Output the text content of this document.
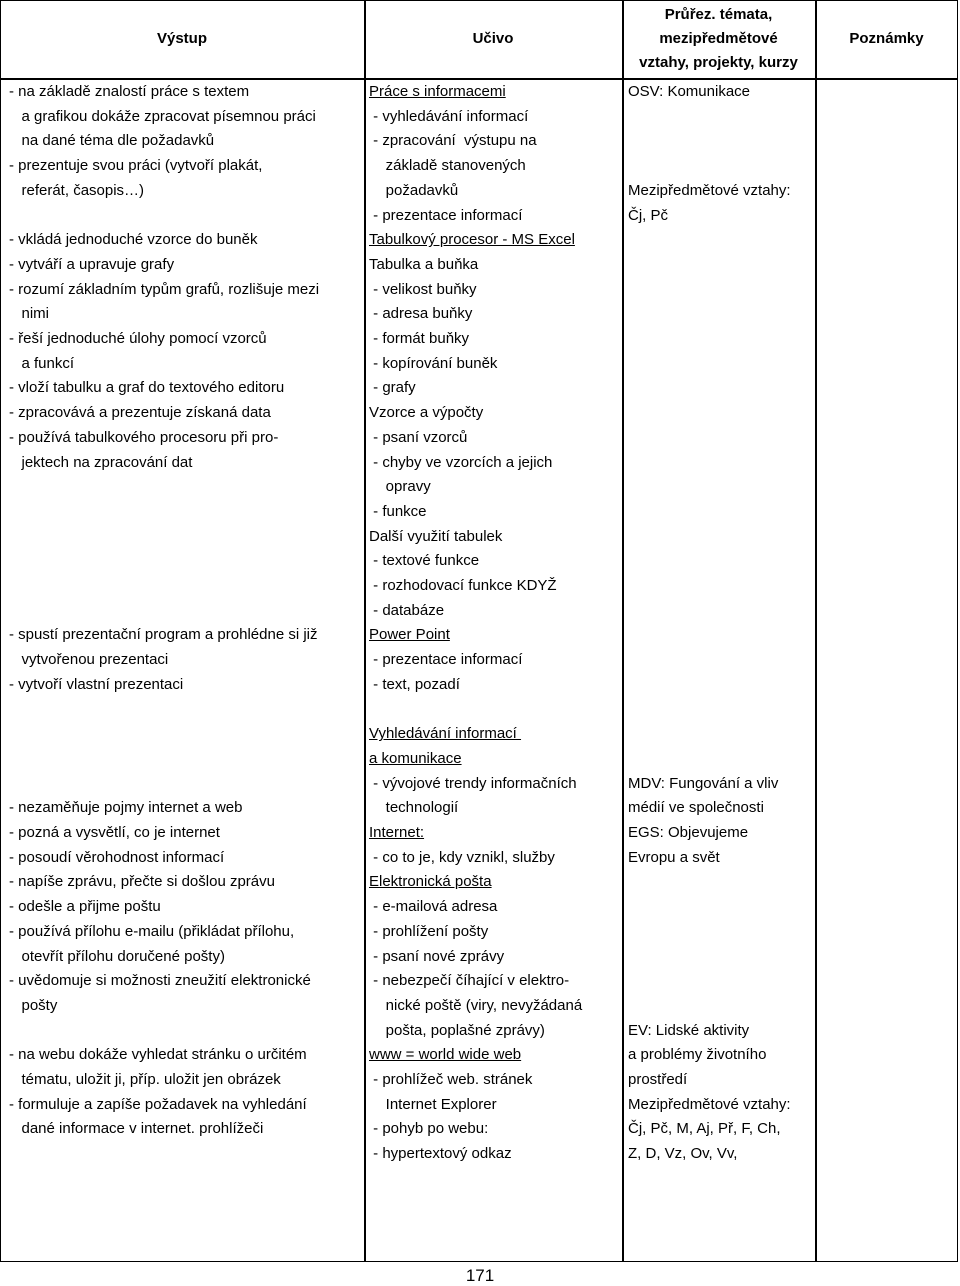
Výstup	Učivo
Průřez. témata,
mezipředmětové
vztahy, projekty, kurzy
Poznámky
- na základě znalostí práce s textem
a grafikou dokáže zpracovat písemnou práci
na dané téma dle požadavků
- prezentuje svou práci (vytvoří plakát,
referát, časopis…)
- vkládá jednoduché vzorce do buněk
- vytváří a upravuje grafy
- rozumí základním typům grafů, rozlišuje mezi
nimi
- řeší jednoduché úlohy pomocí vzorců
a funkcí
- vloží tabulku a graf do textového editoru
- zpracovává a prezentuje získaná data
- používá tabulkového procesoru při pro-
jektech na zpracování dat
- spustí prezentační program a prohlédne si již
vytvořenou prezentaci
- vytvoří vlastní prezentaci
- nezaměňuje pojmy internet a web
- pozná a vysvětlí, co je internet
- posoudí věrohodnost informací
- napíše zprávu, přečte si došlou zprávu
- odešle a přijme poštu
- používá přílohu e-mailu (přikládat přílohu,
otevřít přílohu doručené pošty)
- uvědomuje si možnosti zneužití elektronické
pošty
- na webu dokáže vyhledat stránku o určitém
tématu, uložit ji, příp. uložit jen obrázek
- formuluje a zapíše požadavek na vyhledání
dané informace v internet. prohlížeči
Práce s informacemi
- vyhledávání informací
- zpracování  výstupu na
základě stanovených
požadavků
- prezentace informací
Tabulkový procesor - MS Excel
Tabulka a buňka
- velikost buňky
- adresa buňky
- formát buňky
- kopírování buněk
- grafy
Vzorce a výpočty
- psaní vzorců
- chyby ve vzorcích a jejich
opravy
- funkce
Další využití tabulek
- textové funkce
- rozhodovací funkce KDYŽ
- databáze
Power Point
- prezentace informací
- text, pozadí
Vyhledávání informací
a komunikace
- vývojové trendy informačních
technologií
Internet:
- co to je, kdy vznikl, služby
Elektronická pošta
- e-mailová adresa
- prohlížení pošty
- psaní nové zprávy
- nebezpečí číhající v elektro-
nické poště (viry, nevyžádaná
pošta, poplašné zprávy)
www = world wide web
- prohlížeč web. stránek
Internet Explorer
- pohyb po webu:
- hypertextový odkaz
OSV: Komunikace
Mezipředmětové vztahy:
Čj, Pč
MDV: Fungování a vliv
médií ve společnosti
EGS: Objevujeme
Evropu a svět
EV: Lidské aktivity
a problémy životního
prostředí
Mezipředmětové vztahy:
Čj, Pč, M, Aj, Př, F, Ch,
Z, D, Vz, Ov, Vv,
171
